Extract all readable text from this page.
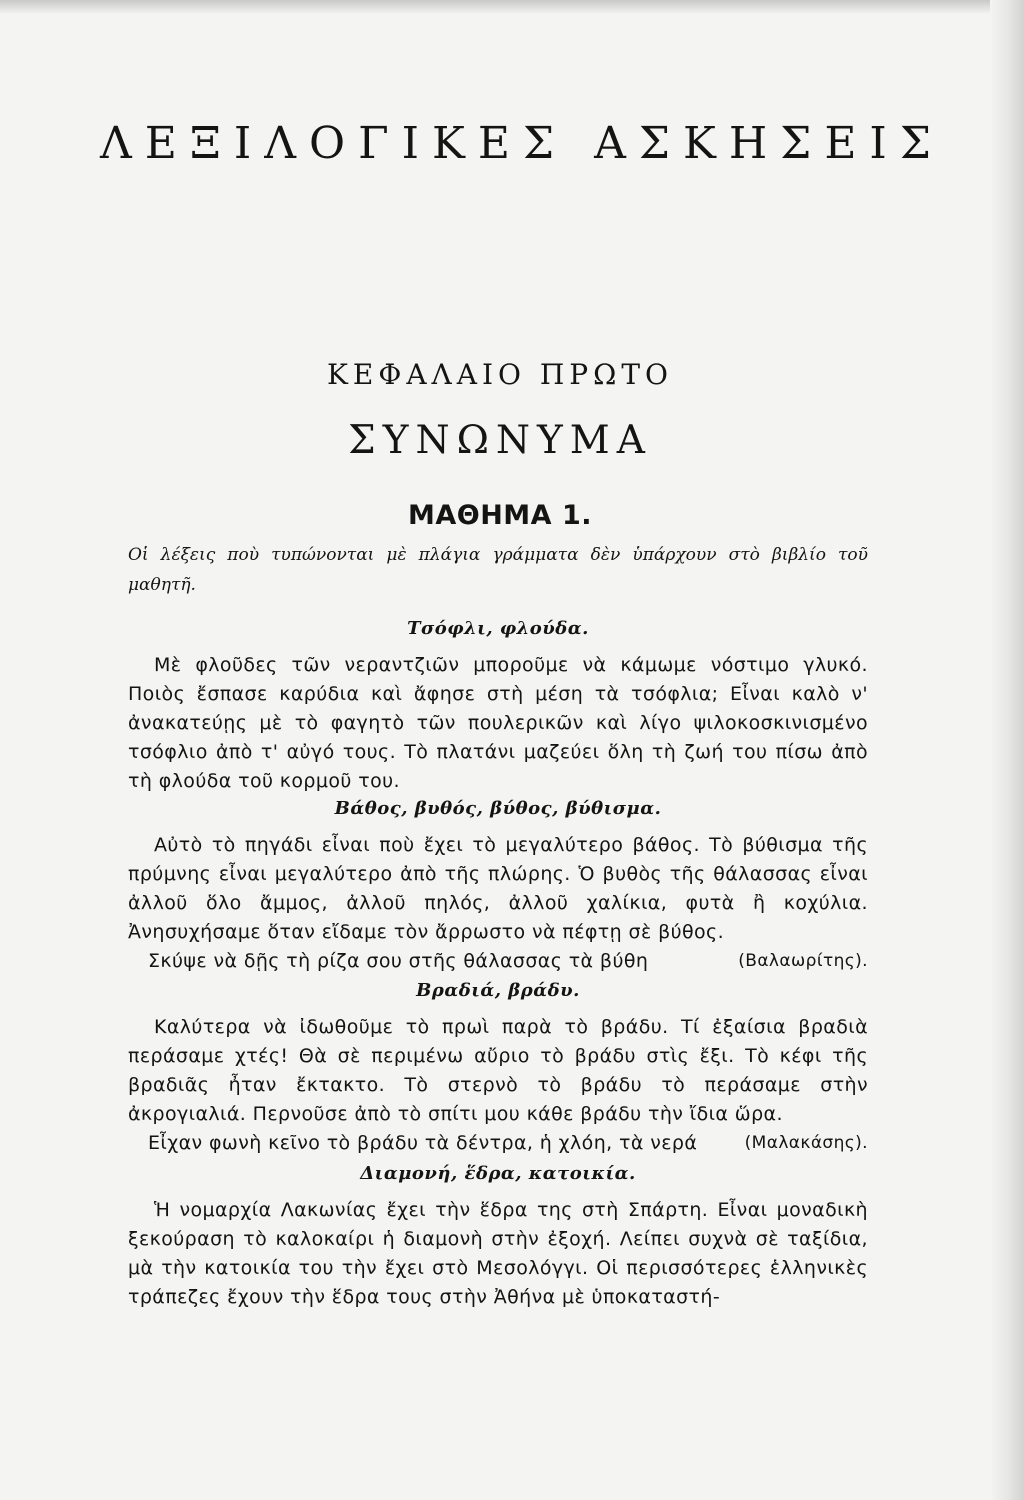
ΛΕΞΙΛΟΓΙΚΕΣ ΑΣΚΗΣΕΙΣ
ΚΕΦΑΛΑΙΟ ΠΡΩΤΟ
ΣΥΝΩΝΥΜΑ
ΜΑΘΗΜΑ 1.

Οἱ λέξεις ποὺ τυπώνονται μὲ πλάγια γράμματα δὲν ὑπάρχουν στὸ βιβλίο τοῦ μαθητῆ.

Τσόφλι, φλούδα.

Μὲ φλοῦδες τῶν νεραντζιῶν μποροῦμε νὰ κάμωμε νόστιμο γλυκό. Ποιὸς ἔσπασε καρύδια καὶ ἄφησε στὴ μέση τὰ τσόφλια; Εἶναι καλὸ ν' ἀνακατεύῃς μὲ τὸ φαγητὸ τῶν πουλερικῶν καὶ λίγο ψιλοκοσκινισμένο τσόφλιο ἀπὸ τ' αὐγό τους. Τὸ πλατάνι μαζεύει ὅλη τὴ ζωή του πίσω ἀπὸ τὴ φλούδα τοῦ κορμοῦ του.

Βάθος, βυθός, βύθος, βύθισμα.

Αὐτὸ τὸ πηγάδι εἶναι ποὺ ἔχει τὸ μεγαλύτερο βάθος. Τὸ βύθισμα τῆς πρύμνης εἶναι μεγαλύτερο ἀπὸ τῆς πλώρης. Ὁ βυθὸς τῆς θάλασσας εἶναι ἀλλοῦ ὅλο ἄμμος, ἀλλοῦ πηλός, ἀλλοῦ χαλίκια, φυτὰ ἢ κοχύλια. Ἀνησυχήσαμε ὅταν εἴδαμε τὸν ἄρρωστο νὰ πέφτῃ σὲ βύθος.

Σκύψε νὰ δῇς τὴ ρίζα σου στῆς θάλασσας τὰ βύθη	(Βαλαωρίτης).

Βραδιά, βράδυ.

Καλύτερα νὰ ἰδωθοῦμε τὸ πρωὶ παρὰ τὸ βράδυ. Τί ἐξαίσια βραδιὰ περάσαμε χτές! Θὰ σὲ περιμένω αὔριο τὸ βράδυ στὶς ἔξι. Τὸ κέφι τῆς βραδιᾶς ἦταν ἔκτακτο. Τὸ στερνὸ τὸ βράδυ τὸ περάσαμε στὴν ἀκρογιαλιά. Περνοῦσε ἀπὸ τὸ σπίτι μου κάθε βράδυ τὴν ἴδια ὥρα.

Εἶχαν φωνὴ κεῖνο τὸ βράδυ τὰ δέντρα, ἡ χλόη, τὰ νερά	(Μαλακάσης).

Διαμονή, ἕδρα, κατοικία.

Ἡ νομαρχία Λακωνίας ἔχει τὴν ἕδρα της στὴ Σπάρτη. Εἶναι μοναδικὴ ξεκούραση τὸ καλοκαίρι ἡ διαμονὴ στὴν ἐξοχή. Λείπει συχνὰ σὲ ταξίδια, μὰ τὴν κατοικία του τὴν ἔχει στὸ Μεσολόγγι. Οἱ περισσότερες ἑλληνικὲς τράπεζες ἔχουν τὴν ἕδρα τους στὴν Ἀθήνα μὲ ὑποκαταστή-
